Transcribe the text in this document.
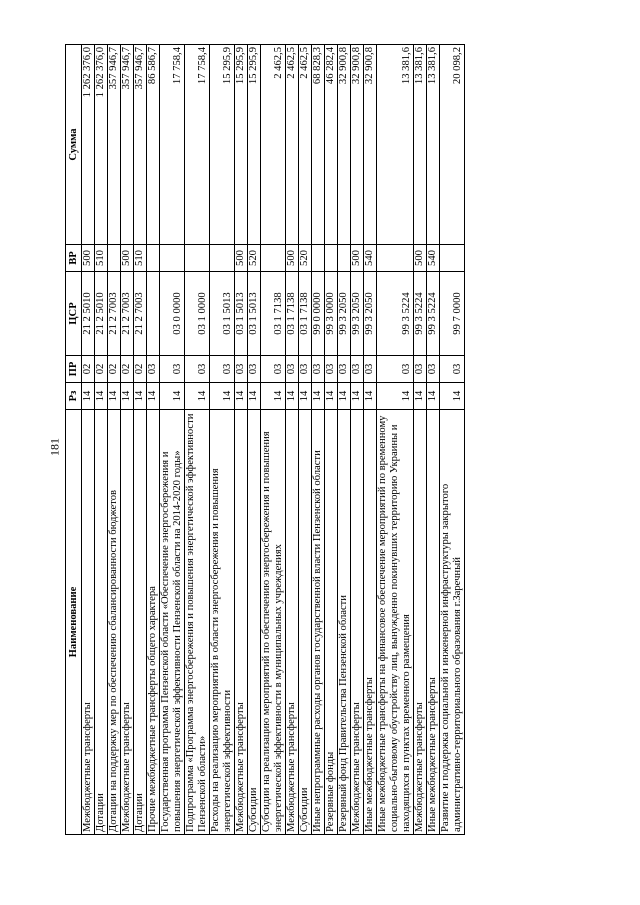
181
Наименование	Рз	ПР	ЦСР	ВР	Сумма
Межбюджетные трансферты	14	02	21 2 5010	500	1 262 376,0
Дотации	14	02	21 2 5010	510	1 262 376,0
Дотации на поддержку мер по обеспечению сбалансированности бюджетов	14	02	21 2 7003		357 946,7
Межбюджетные трансферты	14	02	21 2 7003	500	357 946,7
Дотации	14	02	21 2 7003	510	357 946,7
Прочие межбюджетные трансферты общего характера	14	03			86 586,7
Государственная программа Пензенской области «Обеспечение энергосбережения и повышения энергетической эффективности Пензенской области на 2014-2020 годы»	14	03	03 0 0000		17 758,4
Подпрограмма «Программа энергосбережения и повышения энергетической эффективности Пензенской области»	14	03	03 1 0000		17 758,4
Расходы на реализацию мероприятий в области энергосбережения и повышения энергетической эффективности	14	03	03 1 5013		15 295,9
Межбюджетные трансферты	14	03	03 1 5013	500	15 295,9
Субсидии	14	03	03 1 5013	520	15 295,9
Субсидии на реализацию мероприятий по обеспечению энергосбережения и повышения энергетической эффективности в муниципальных учреждениях	14	03	03 1 7138		2 462,5
Межбюджетные трансферты	14	03	03 1 7138	500	2 462,5
Субсидии	14	03	03 1 7138	520	2 462,5
Иные непрограммные расходы органов государственной власти Пензенской области	14	03	99 0 0000		68 828,3
Резервные фонды	14	03	99 3 0000		46 282,4
Резервный фонд Правительства Пензенской области	14	03	99 3 2050		32 900,8
Межбюджетные трансферты	14	03	99 3 2050	500	32 900,8
Иные межбюджетные трансферты	14	03	99 3 2050	540	32 900,8
Иные межбюджетные трансферты на финансовое обеспечение мероприятий по временному социально-бытовому обустройству лиц, вынужденно покинувших территорию Украины и находящихся в пунктах временного размещения	14	03	99 3 5224		13 381,6
Межбюджетные трансферты	14	03	99 3 5224	500	13 381,6
Иные межбюджетные трансферты	14	03	99 3 5224	540	13 381,6
Развитие и поддержка социальной и инженерной инфраструктуры закрытого административно-территориального образования г.Заречный	14	03	99 7 0000		20 098,2
